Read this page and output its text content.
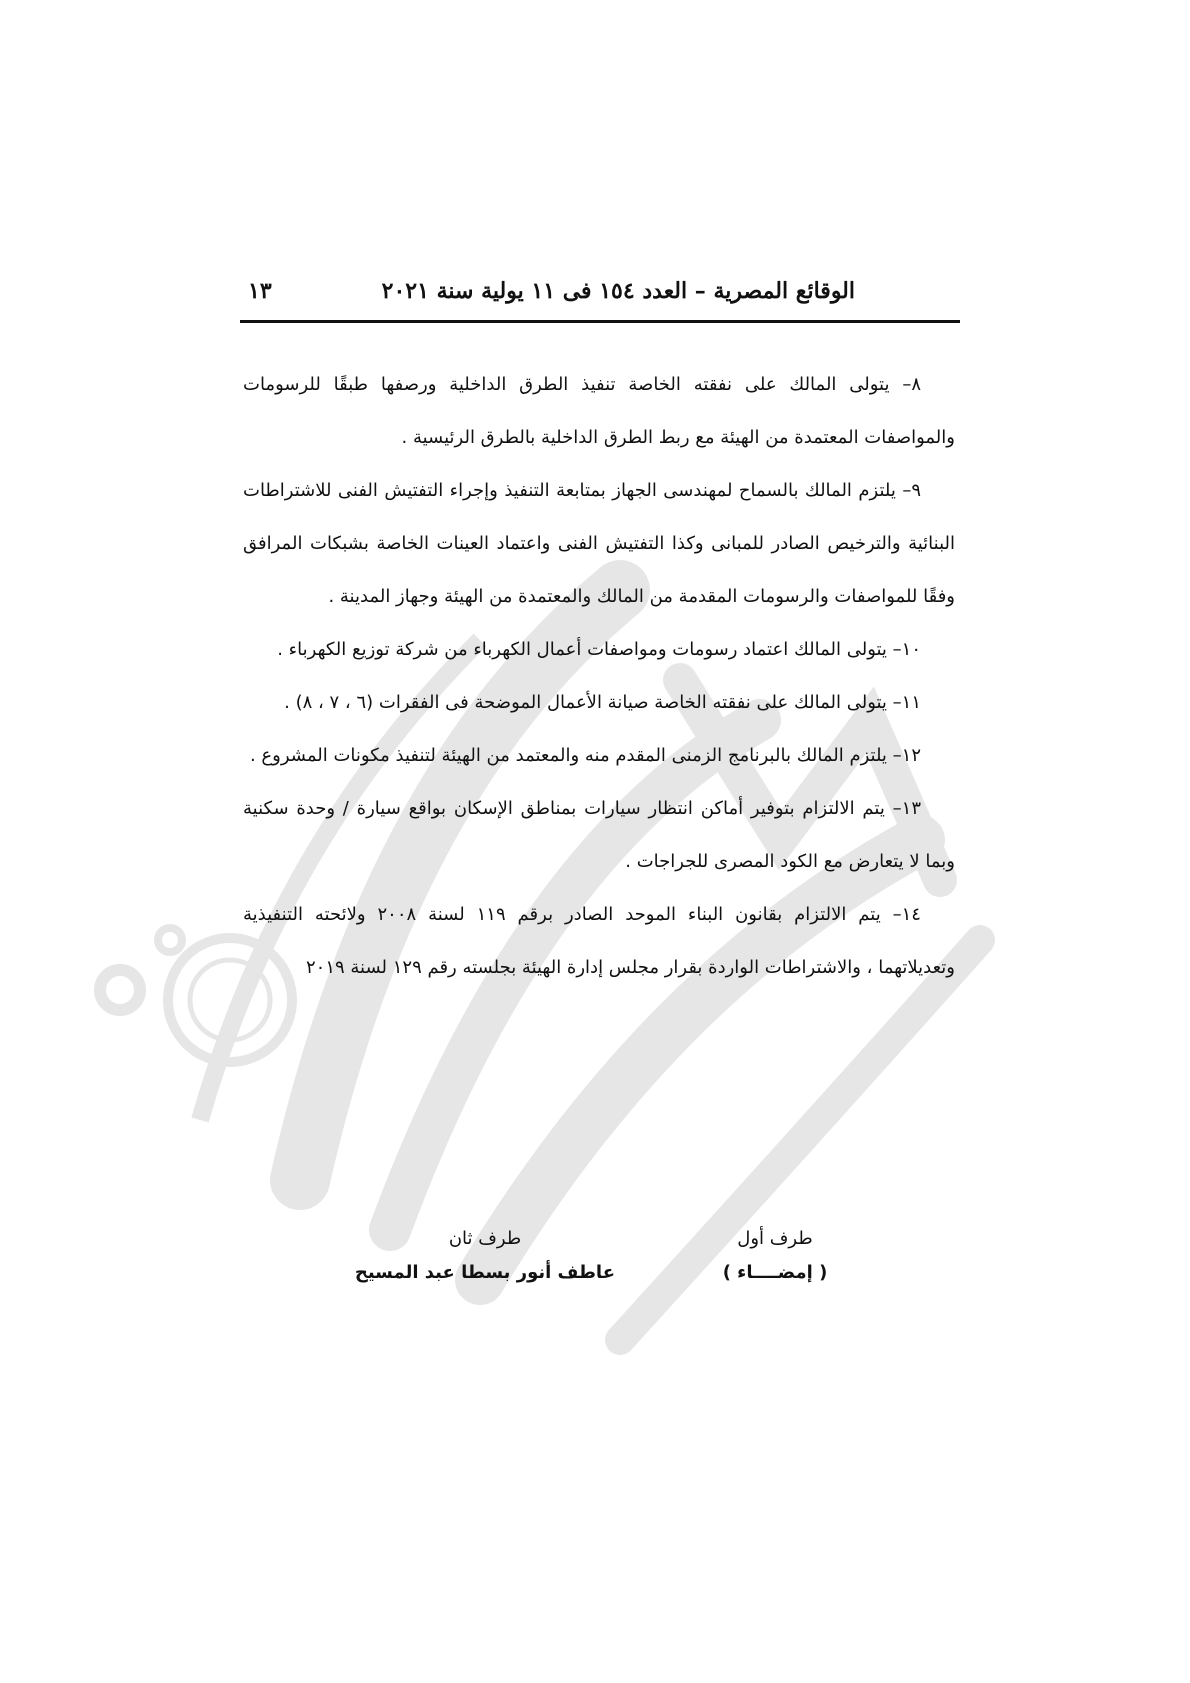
الوقائع المصرية – العدد ١٥٤ فى ١١ يولية سنة ٢٠٢١
١٣

٨– يتولى المالك على نفقته الخاصة تنفيذ الطرق الداخلية ورصفها طبقًا للرسومات والمواصفات المعتمدة من الهيئة مع ربط الطرق الداخلية بالطرق الرئيسية .

٩– يلتزم المالك بالسماح لمهندسى الجهاز بمتابعة التنفيذ وإجراء التفتيش الفنى للاشتراطات البنائية والترخيص الصادر للمبانى وكذا التفتيش الفنى واعتماد العينات الخاصة بشبكات المرافق وفقًا للمواصفات والرسومات المقدمة من المالك والمعتمدة من الهيئة وجهاز المدينة .

١٠– يتولى المالك اعتماد رسومات ومواصفات أعمال الكهرباء من شركة توزيع الكهرباء .

١١– يتولى المالك على نفقته الخاصة صيانة الأعمال الموضحة فى الفقرات (٦ ، ٧ ، ٨) .

١٢– يلتزم المالك بالبرنامج الزمنى المقدم منه والمعتمد من الهيئة لتنفيذ مكونات المشروع .

١٣– يتم الالتزام بتوفير أماكن انتظار سيارات بمناطق الإسكان بواقع سيارة / وحدة سكنية وبما لا يتعارض مع الكود المصرى للجراجات .

١٤– يتم الالتزام بقانون البناء الموحد الصادر برقم ١١٩ لسنة ٢٠٠٨ ولائحته التنفيذية وتعديلاتهما ، والاشتراطات الواردة بقرار مجلس إدارة الهيئة بجلسته رقم ١٢٩ لسنة ٢٠١٩

طرف أول
( إمضــــاء )
طرف ثان
عاطف أنور بسطا عبد المسيح
